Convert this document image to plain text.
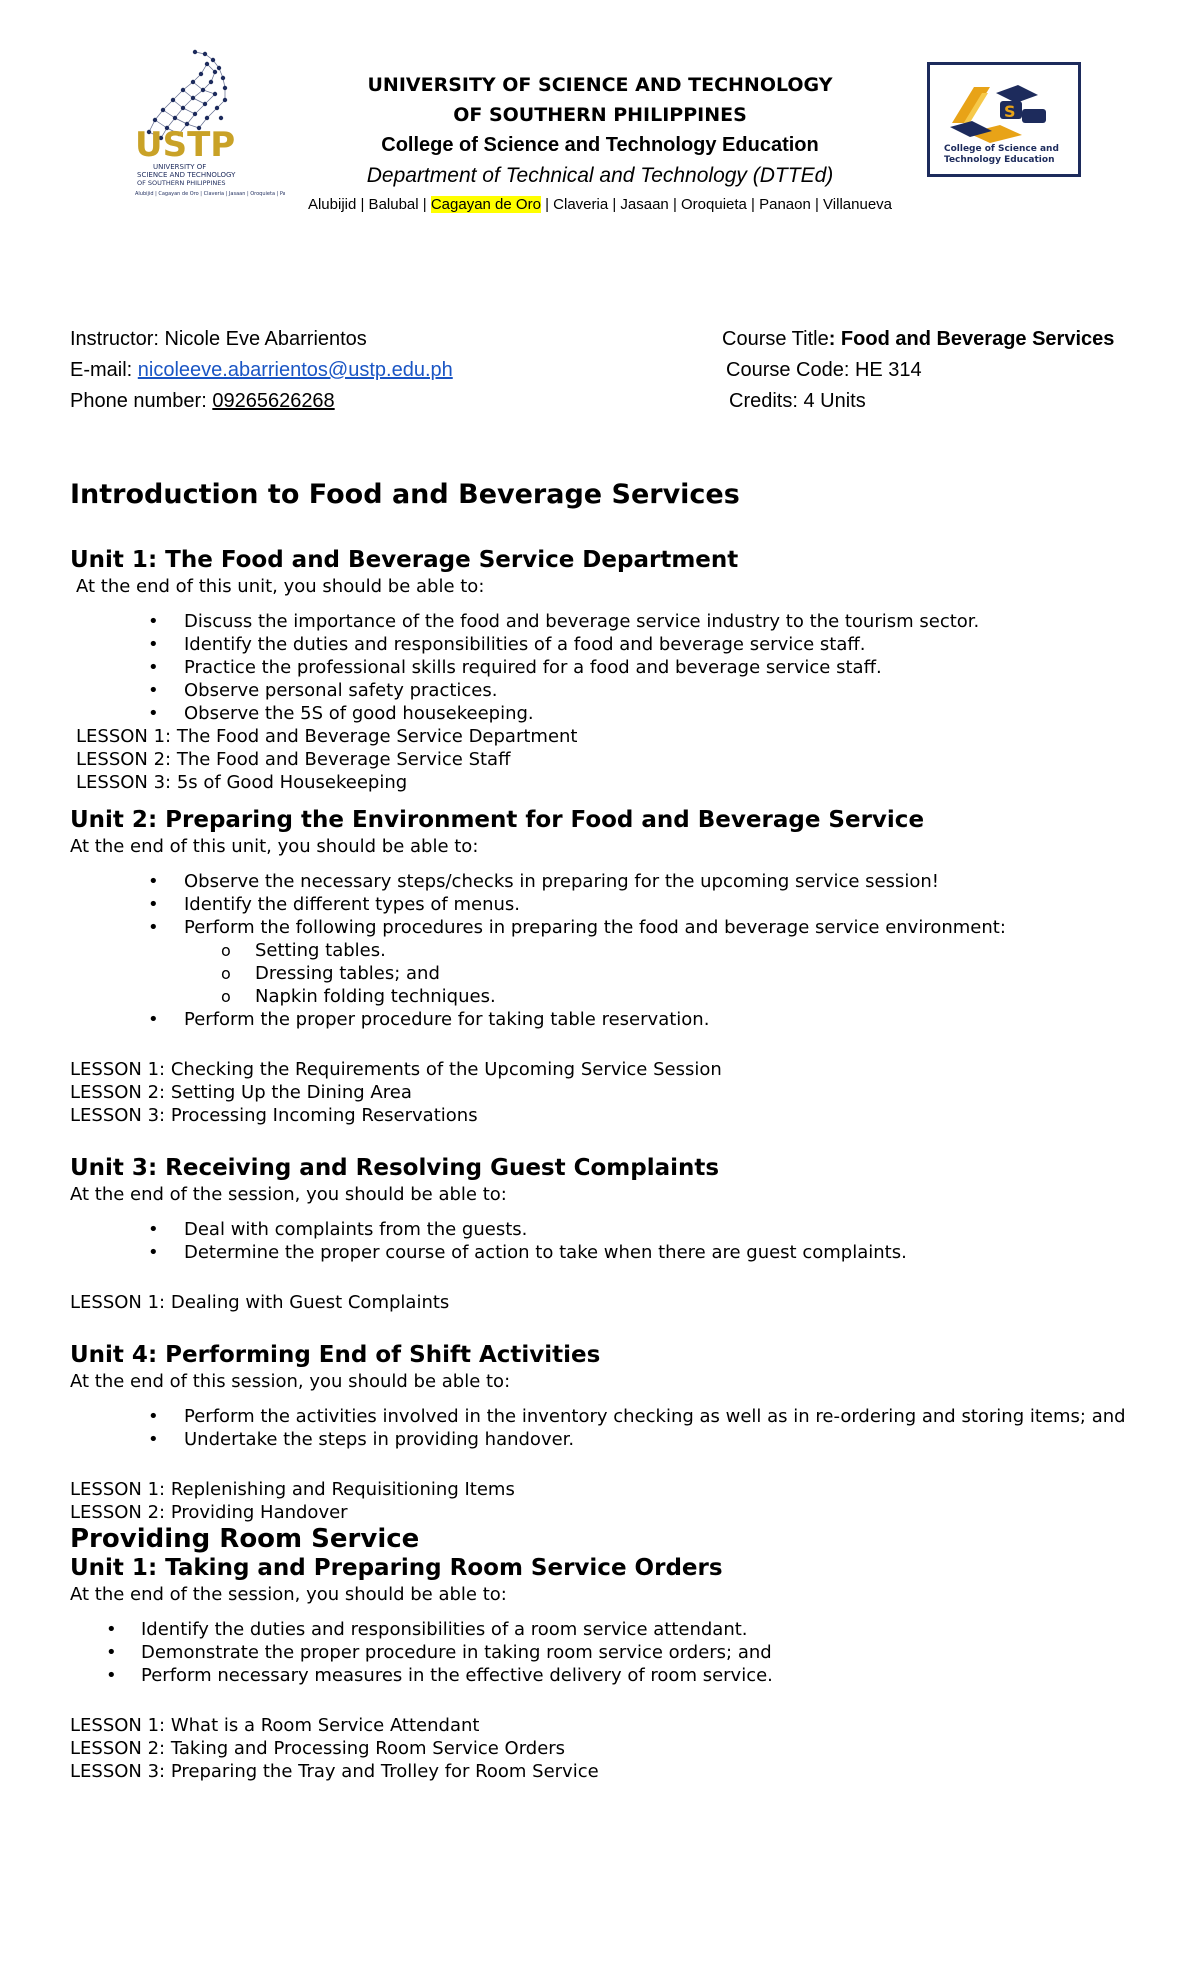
USTP
UNIVERSITY OF
SCIENCE AND TECHNOLOGY
OF SOUTHERN PHILIPPINES
Alubijid | Cagayan de Oro | Claveria | Jasaan | Oroquieta | Panaon
UNIVERSITY OF SCIENCE AND TECHNOLOGY
OF SOUTHERN PHILIPPINES
College of Science and Technology Education
Department of Technical and Technology (DTTEd)
Alubijid | Balubal | Cagayan de Oro | Claveria | Jasaan | Oroquieta | Panaon | Villanueva
S
College of Science and
Technology Education
Instructor: Nicole Eve Abarrientos
E-mail: nicoleeve.abarrientos@ustp.edu.ph
Phone number: 09265626268
Course Title: Food and Beverage Services
Course Code: HE 314
Credits: 4 Units
Introduction to Food and Beverage Services
Unit 1: The Food and Beverage Service Department
At the end of this unit, you should be able to:
• Discuss the importance of the food and beverage service industry to the tourism sector.
• Identify the duties and responsibilities of a food and beverage service staff.
• Practice the professional skills required for a food and beverage service staff.
• Observe personal safety practices.
• Observe the 5S of good housekeeping.
LESSON 1: The Food and Beverage Service Department
LESSON 2: The Food and Beverage Service Staff
LESSON 3: 5s of Good Housekeeping
Unit 2: Preparing the Environment for Food and Beverage Service
At the end of this unit, you should be able to:
• Observe the necessary steps/checks in preparing for the upcoming service session!
• Identify the different types of menus.
• Perform the following procedures in preparing the food and beverage service environment:
o Setting tables.
o Dressing tables; and
o Napkin folding techniques.
• Perform the proper procedure for taking table reservation.
LESSON 1: Checking the Requirements of the Upcoming Service Session
LESSON 2: Setting Up the Dining Area
LESSON 3: Processing Incoming Reservations
Unit 3: Receiving and Resolving Guest Complaints
At the end of the session, you should be able to:
• Deal with complaints from the guests.
• Determine the proper course of action to take when there are guest complaints.
LESSON 1: Dealing with Guest Complaints
Unit 4: Performing End of Shift Activities
At the end of this session, you should be able to:
• Perform the activities involved in the inventory checking as well as in re-ordering and storing items; and
• Undertake the steps in providing handover.
LESSON 1: Replenishing and Requisitioning Items
LESSON 2: Providing Handover
Providing Room Service
Unit 1: Taking and Preparing Room Service Orders
At the end of the session, you should be able to:
• Identify the duties and responsibilities of a room service attendant.
• Demonstrate the proper procedure in taking room service orders; and
• Perform necessary measures in the effective delivery of room service.
LESSON 1: What is a Room Service Attendant
LESSON 2: Taking and Processing Room Service Orders
LESSON 3: Preparing the Tray and Trolley for Room Service
